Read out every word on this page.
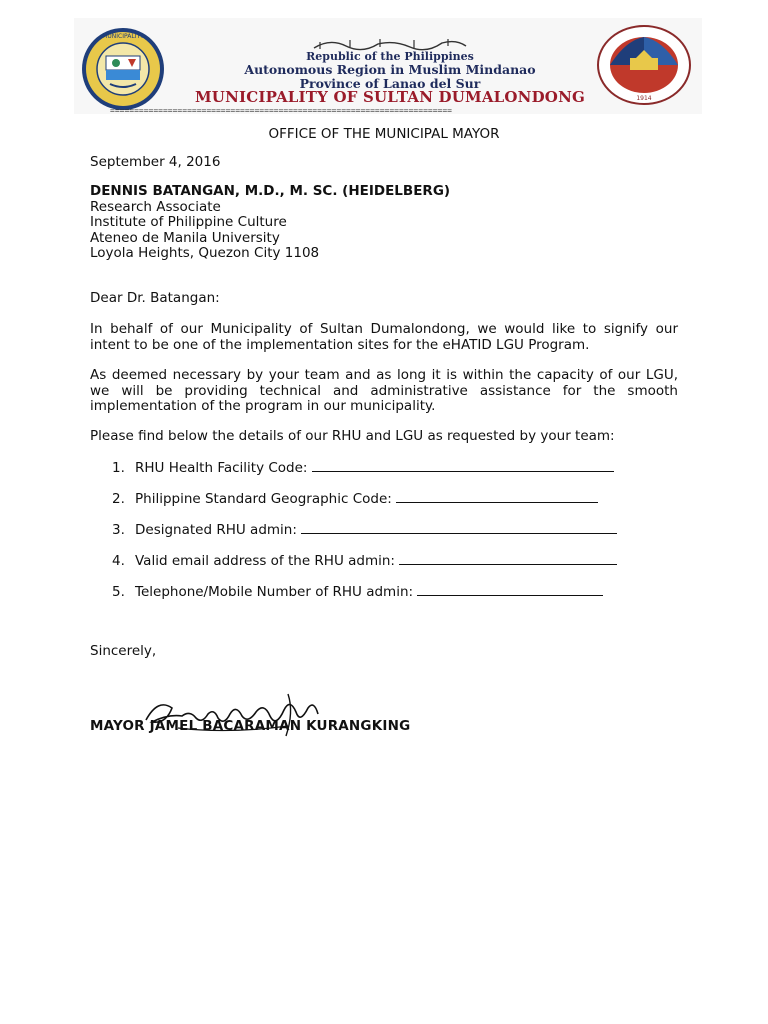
MUNICIPALITY
Republic of the Philippines
Autonomous Region in Muslim Mindanao
Province of Lanao del Sur
MUNICIPALITY OF SULTAN DUMALONDONG	1914
=======================================================================
OFFICE OF THE MUNICIPAL MAYOR
September 4, 2016
DENNIS BATANGAN, M.D., M. SC. (HEIDELBERG)
Research Associate
Institute of Philippine Culture
Ateneo de Manila University
Loyola Heights, Quezon City 1108
Dear Dr. Batangan:
In behalf of our Municipality of Sultan Dumalondong, we would like to signify our intent to be one of the implementation sites for the eHATID LGU Program.
As deemed necessary by your team and as long it is within the capacity of our LGU, we will be providing technical and administrative assistance for the smooth implementation of the program in our municipality.
Please find below the details of our RHU and LGU as requested by your team:
1. RHU Health Facility Code:
2. Philippine Standard Geographic Code:
3. Designated RHU admin:
4. Valid email address of the RHU admin:
5. Telephone/Mobile Number of RHU admin:
Sincerely,
MAYOR JAMEL BACARAMAN KURANGKING
